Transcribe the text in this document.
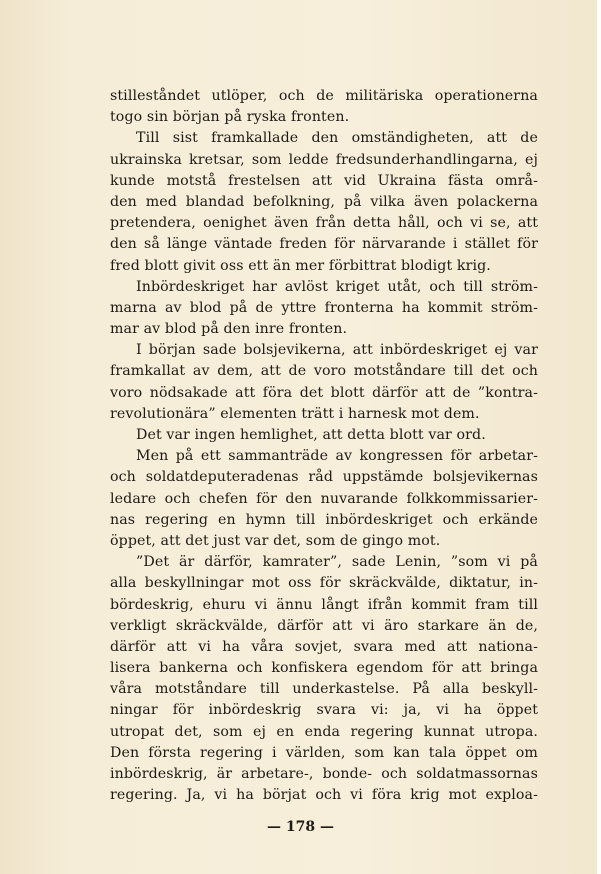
stilleståndet utlöper, och de militäriska operationerna
togo sin början på ryska fronten.
Till sist framkallade den omständigheten, att de
ukrainska kretsar, som ledde fredsunderhandlingarna, ej
kunde motstå frestelsen att vid Ukraina fästa områ-
den med blandad befolkning, på vilka även polackerna
pretendera, oenighet även från detta håll, och vi se, att
den så länge väntade freden för närvarande i stället för
fred blott givit oss ett än mer förbittrat blodigt krig.
Inbördeskriget har avlöst kriget utåt, och till ström-
marna av blod på de yttre fronterna ha kommit ström-
mar av blod på den inre fronten.
I början sade bolsjevikerna, att inbördeskriget ej var
framkallat av dem, att de voro motståndare till det och
voro nödsakade att föra det blott därför att de ”kontra-
revolutionära” elementen trätt i harnesk mot dem.
Det var ingen hemlighet, att detta blott var ord.
Men på ett sammanträde av kongressen för arbetar-
och soldatdeputeradenas råd uppstämde bolsjevikernas
ledare och chefen för den nuvarande folkkommissarier-
nas regering en hymn till inbördeskriget och erkände
öppet, att det just var det, som de gingo mot.
”Det är därför, kamrater”, sade Lenin, ”som vi på
alla beskyllningar mot oss för skräckvälde, diktatur, in-
bördeskrig, ehuru vi ännu långt ifrån kommit fram till
verkligt skräckvälde, därför att vi äro starkare än de,
därför att vi ha våra sovjet, svara med att nationa-
lisera bankerna och konfiskera egendom för att bringa
våra motståndare till underkastelse. På alla beskyll-
ningar för inbördeskrig svara vi: ja, vi ha öppet
utropat det, som ej en enda regering kunnat utropa.
Den första regering i världen, som kan tala öppet om
inbördeskrig, är arbetare-, bonde- och soldatmassornas
regering. Ja, vi ha börjat och vi föra krig mot exploa-
— 178 —
